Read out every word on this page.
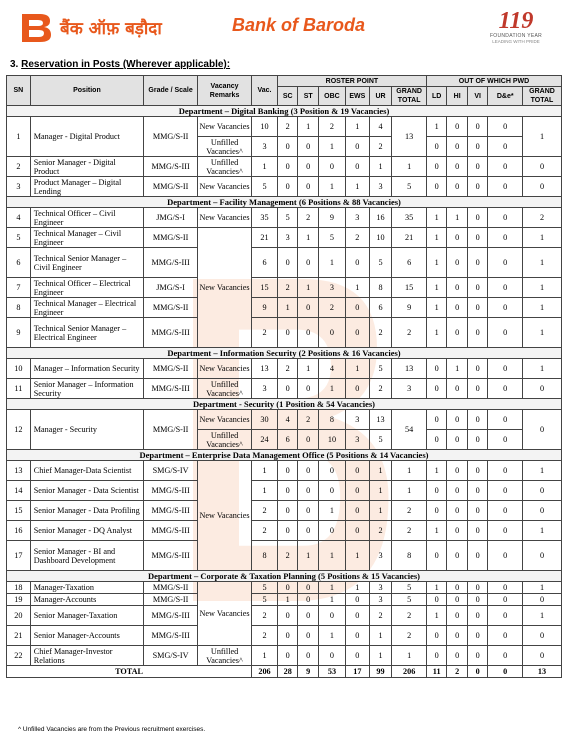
बैंक ऑफ़ बड़ौदा	Bank of Baroda	119
FOUNDATION YEAR
LEADING WITH PRIDE
3. Reservation in Posts (Wherever applicable):
SN	Position	Grade / Scale	Vacancy Remarks	Vac.	ROSTER POINT						OUT OF WHICH PWD				
					SC	ST	OBC	EWS	UR	GRAND TOTAL	LD	HI	VI	D&e*	GRAND TOTAL
Department – Digital Banking (3 Position & 19 Vacancies)															
1	Manager - Digital Product	MMG/S-II	New Vacancies	10	2	1	2	1	4	13	1	0	0	0	1
			Unfilled Vacancies^	3	0	0	1	0	2		0	0	0	0	
2	Senior Manager - Digital Product	MMG/S-III	Unfilled Vacancies^	1	0	0	0	0	1	1	0	0	0	0	0
3	Product Manager – Digital Lending	MMG/S-II	New Vacancies	5	0	0	1	1	3	5	0	0	0	0	0
Department – Facility Management (6 Positions & 88 Vacancies)															
4	Technical Officer – Civil Engineer	JMG/S-I	New Vacancies	35	5	2	9	3	16	35	1	1	0	0	2
5	Technical Manager – Civil Engineer	MMG/S-II	New Vacancies	21	3	1	5	2	10	21	1	0	0	0	1
6	Technical Senior Manager – Civil Engineer	MMG/S-III		6	0	0	1	0	5	6	1	0	0	0	1
7	Technical Officer – Electrical Engineer	JMG/S-I		15	2	1	3	1	8	15	1	0	0	0	1
8	Technical Manager – Electrical Engineer	MMG/S-II		9	1	0	2	0	6	9	1	0	0	0	1
9	Technical Senior Manager – Electrical Engineer	MMG/S-III		2	0	0	0	0	2	2	1	0	0	0	1
Department – Information Security (2 Positions & 16 Vacancies)															
10	Manager – Information Security	MMG/S-II	New Vacancies	13	2	1	4	1	5	13	0	1	0	0	1
11	Senior Manager – Information Security	MMG/S-III	Unfilled Vacancies^	3	0	0	1	0	2	3	0	0	0	0	0
Department - Security (1 Position & 54 Vacancies)															
12	Manager - Security	MMG/S-II	New Vacancies	30	4	2	8	3	13	54	0	0	0	0	0
			Unfilled Vacancies^	24	6	0	10	3	5		0	0	0	0	
Department – Enterprise Data Management Office (5 Positions & 14 Vacancies)															
13	Chief Manager-Data Scientist	SMG/S-IV	New Vacancies	1	0	0	0	0	1	1	1	0	0	0	1
14	Senior Manager - Data Scientist	MMG/S-III		1	0	0	0	0	1	1	0	0	0	0	0
15	Senior Manager - Data Profiling	MMG/S-III		2	0	0	1	0	1	2	0	0	0	0	0
16	Senior Manager - DQ Analyst	MMG/S-III		2	0	0	0	0	2	2	1	0	0	0	1
17	Senior Manager - BI and Dashboard Development	MMG/S-III		8	2	1	1	1	3	8	0	0	0	0	0
Department – Corporate & Taxation Planning (5 Positions & 15 Vacancies)															
18	Manager-Taxation	MMG/S-II	New Vacancies	5	0	0	1	1	3	5	1	0	0	0	1
19	Manager-Accounts	MMG/S-II		5	1	0	1	0	3	5	0	0	0	0	0
20	Senior Manager-Taxation	MMG/S-III		2	0	0	0	0	2	2	1	0	0	0	1
21	Senior Manager-Accounts	MMG/S-III		2	0	0	1	0	1	2	0	0	0	0	0
22	Chief Manager-Investor Relations	SMG/S-IV	Unfilled Vacancies^	1	0	0	0	0	1	1	0	0	0	0	0
TOTAL				206	28	9	53	17	99	206	11	2	0	0	13
^ Unfilled Vacancies are from the Previous recruitment exercises.
